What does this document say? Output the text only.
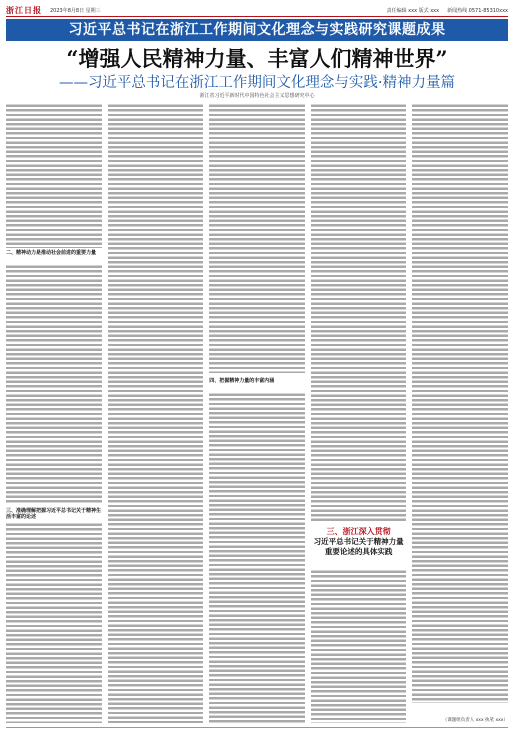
浙江日报 2023年8月8日 星期三	责任编辑 xxx 版式 xxx 新闻热线 0571-85310xxx
习近平总书记在浙江工作期间文化理念与实践研究课题成果
“增强人民精神力量、丰富人们精神世界”
——习近平总书记在浙江工作期间文化理念与实践·精神力量篇
浙江省习近平新时代中国特色社会主义思想研究中心
二、精神动力是推动社会前进的重要力量
三、准确理解把握习近平总书记关于精神生活丰富的论述
四、把握精神力量的丰富内涵
三、浙江深入贯彻
习近平总书记关于精神力量
重要论述的具体实践
（课题组负责人 xxx 执笔 xxx）
